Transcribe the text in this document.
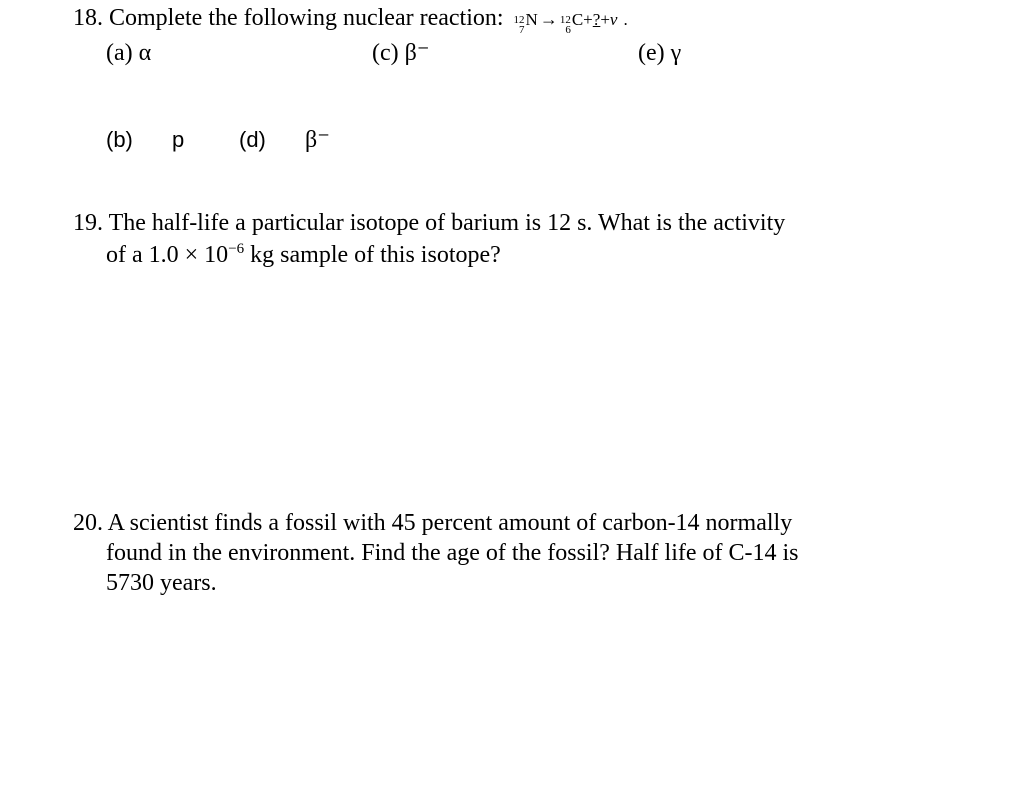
18. Complete the following nuclear reaction: 12
7
N → 12
6
C+?+ν .
(a) α	(c) β⁻	(e) γ
(b) p (d) β⁻
19. The half-life a particular isotope of barium is 12 s. What is the activity
of a $1.0 \times 10^{-6}$ kg sample of this isotope?
20. A scientist finds a fossil with 45 percent amount of carbon-14 normally
found in the environment. Find the age of the fossil? Half life of C-14 is
5730 years.
